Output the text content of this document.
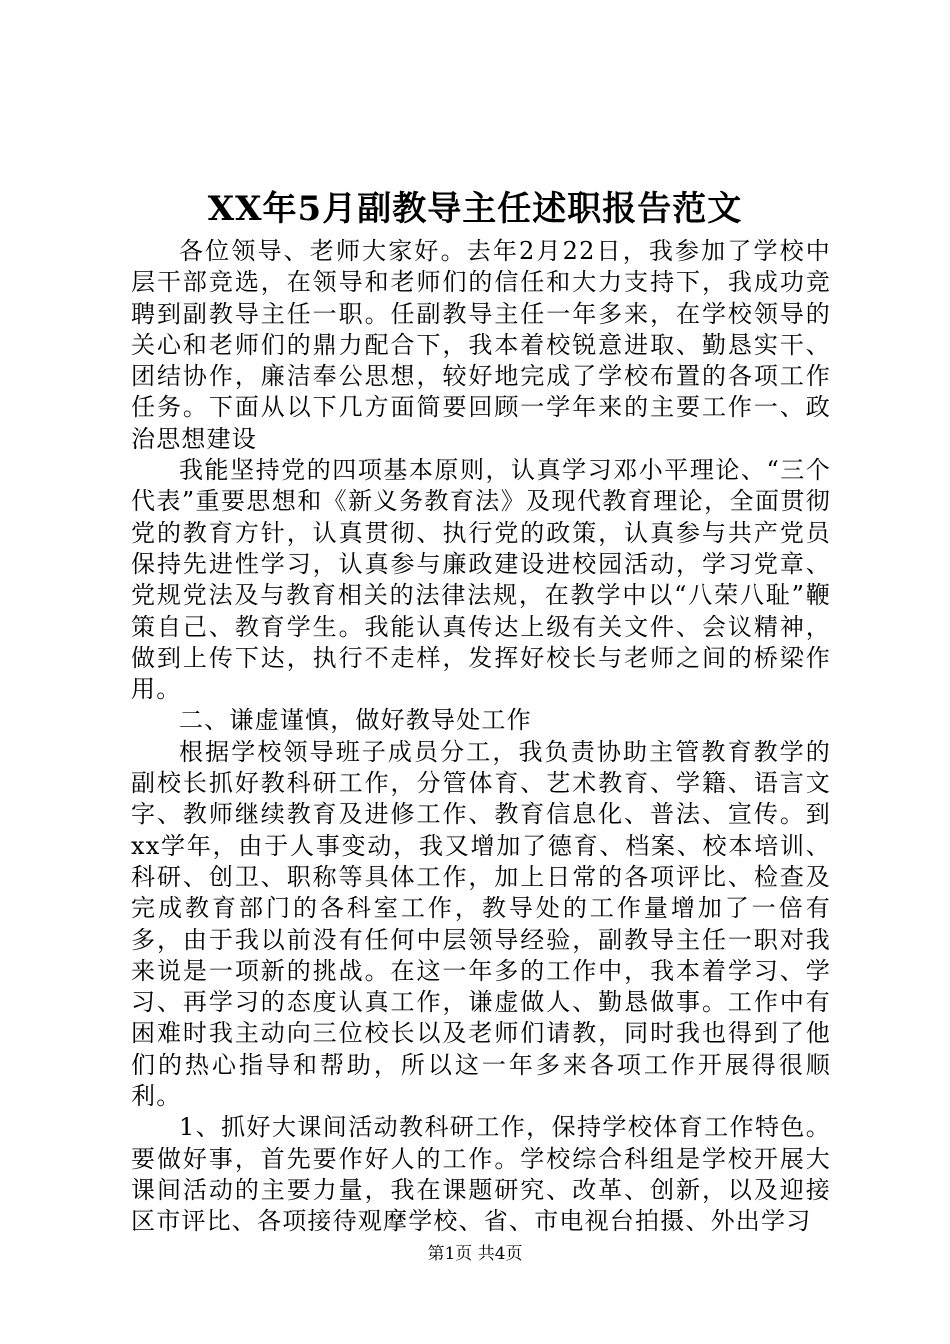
XX年5月副教导主任述职报告范文

各位领导、老师大家好。去年2月22日，我参加了学校中层干部竞选，在领导和老师们的信任和大力支持下，我成功竞聘到副教导主任一职。任副教导主任一年多来，在学校领导的关心和老师们的鼎力配合下，我本着校锐意进取、勤恳实干、团结协作，廉洁奉公思想，较好地完成了学校布置的各项工作任务。下面从以下几方面简要回顾一学年来的主要工作一、政治思想建设

我能坚持党的四项基本原则，认真学习邓小平理论、“三个代表”重要思想和《新义务教育法》及现代教育理论，全面贯彻党的教育方针，认真贯彻、执行党的政策，认真参与共产党员保持先进性学习，认真参与廉政建设进校园活动，学习党章、党规党法及与教育相关的法律法规，在教学中以“八荣八耻”鞭策自己、教育学生。我能认真传达上级有关文件、会议精神，做到上传下达，执行不走样，发挥好校长与老师之间的桥梁作用。

二、谦虚谨慎，做好教导处工作

根据学校领导班子成员分工，我负责协助主管教育教学的副校长抓好教科研工作，分管体育、艺术教育、学籍、语言文字、教师继续教育及进修工作、教育信息化、普法、宣传。到xx学年，由于人事变动，我又增加了德育、档案、校本培训、科研、创卫、职称等具体工作，加上日常的各项评比、检查及完成教育部门的各科室工作，教导处的工作量增加了一倍有多，由于我以前没有任何中层领导经验，副教导主任一职对我来说是一项新的挑战。在这一年多的工作中，我本着学习、学习、再学习的态度认真工作，谦虚做人、勤恳做事。工作中有困难时我主动向三位校长以及老师们请教，同时我也得到了他们的热心指导和帮助，所以这一年多来各项工作开展得很顺利。

1、抓好大课间活动教科研工作，保持学校体育工作特色。要做好事，首先要作好人的工作。学校综合科组是学校开展大课间活动的主要力量，我在课题研究、改革、创新，以及迎接区市评比、各项接待观摩学校、省、市电视台拍摄、外出学习

第1页 共4页
